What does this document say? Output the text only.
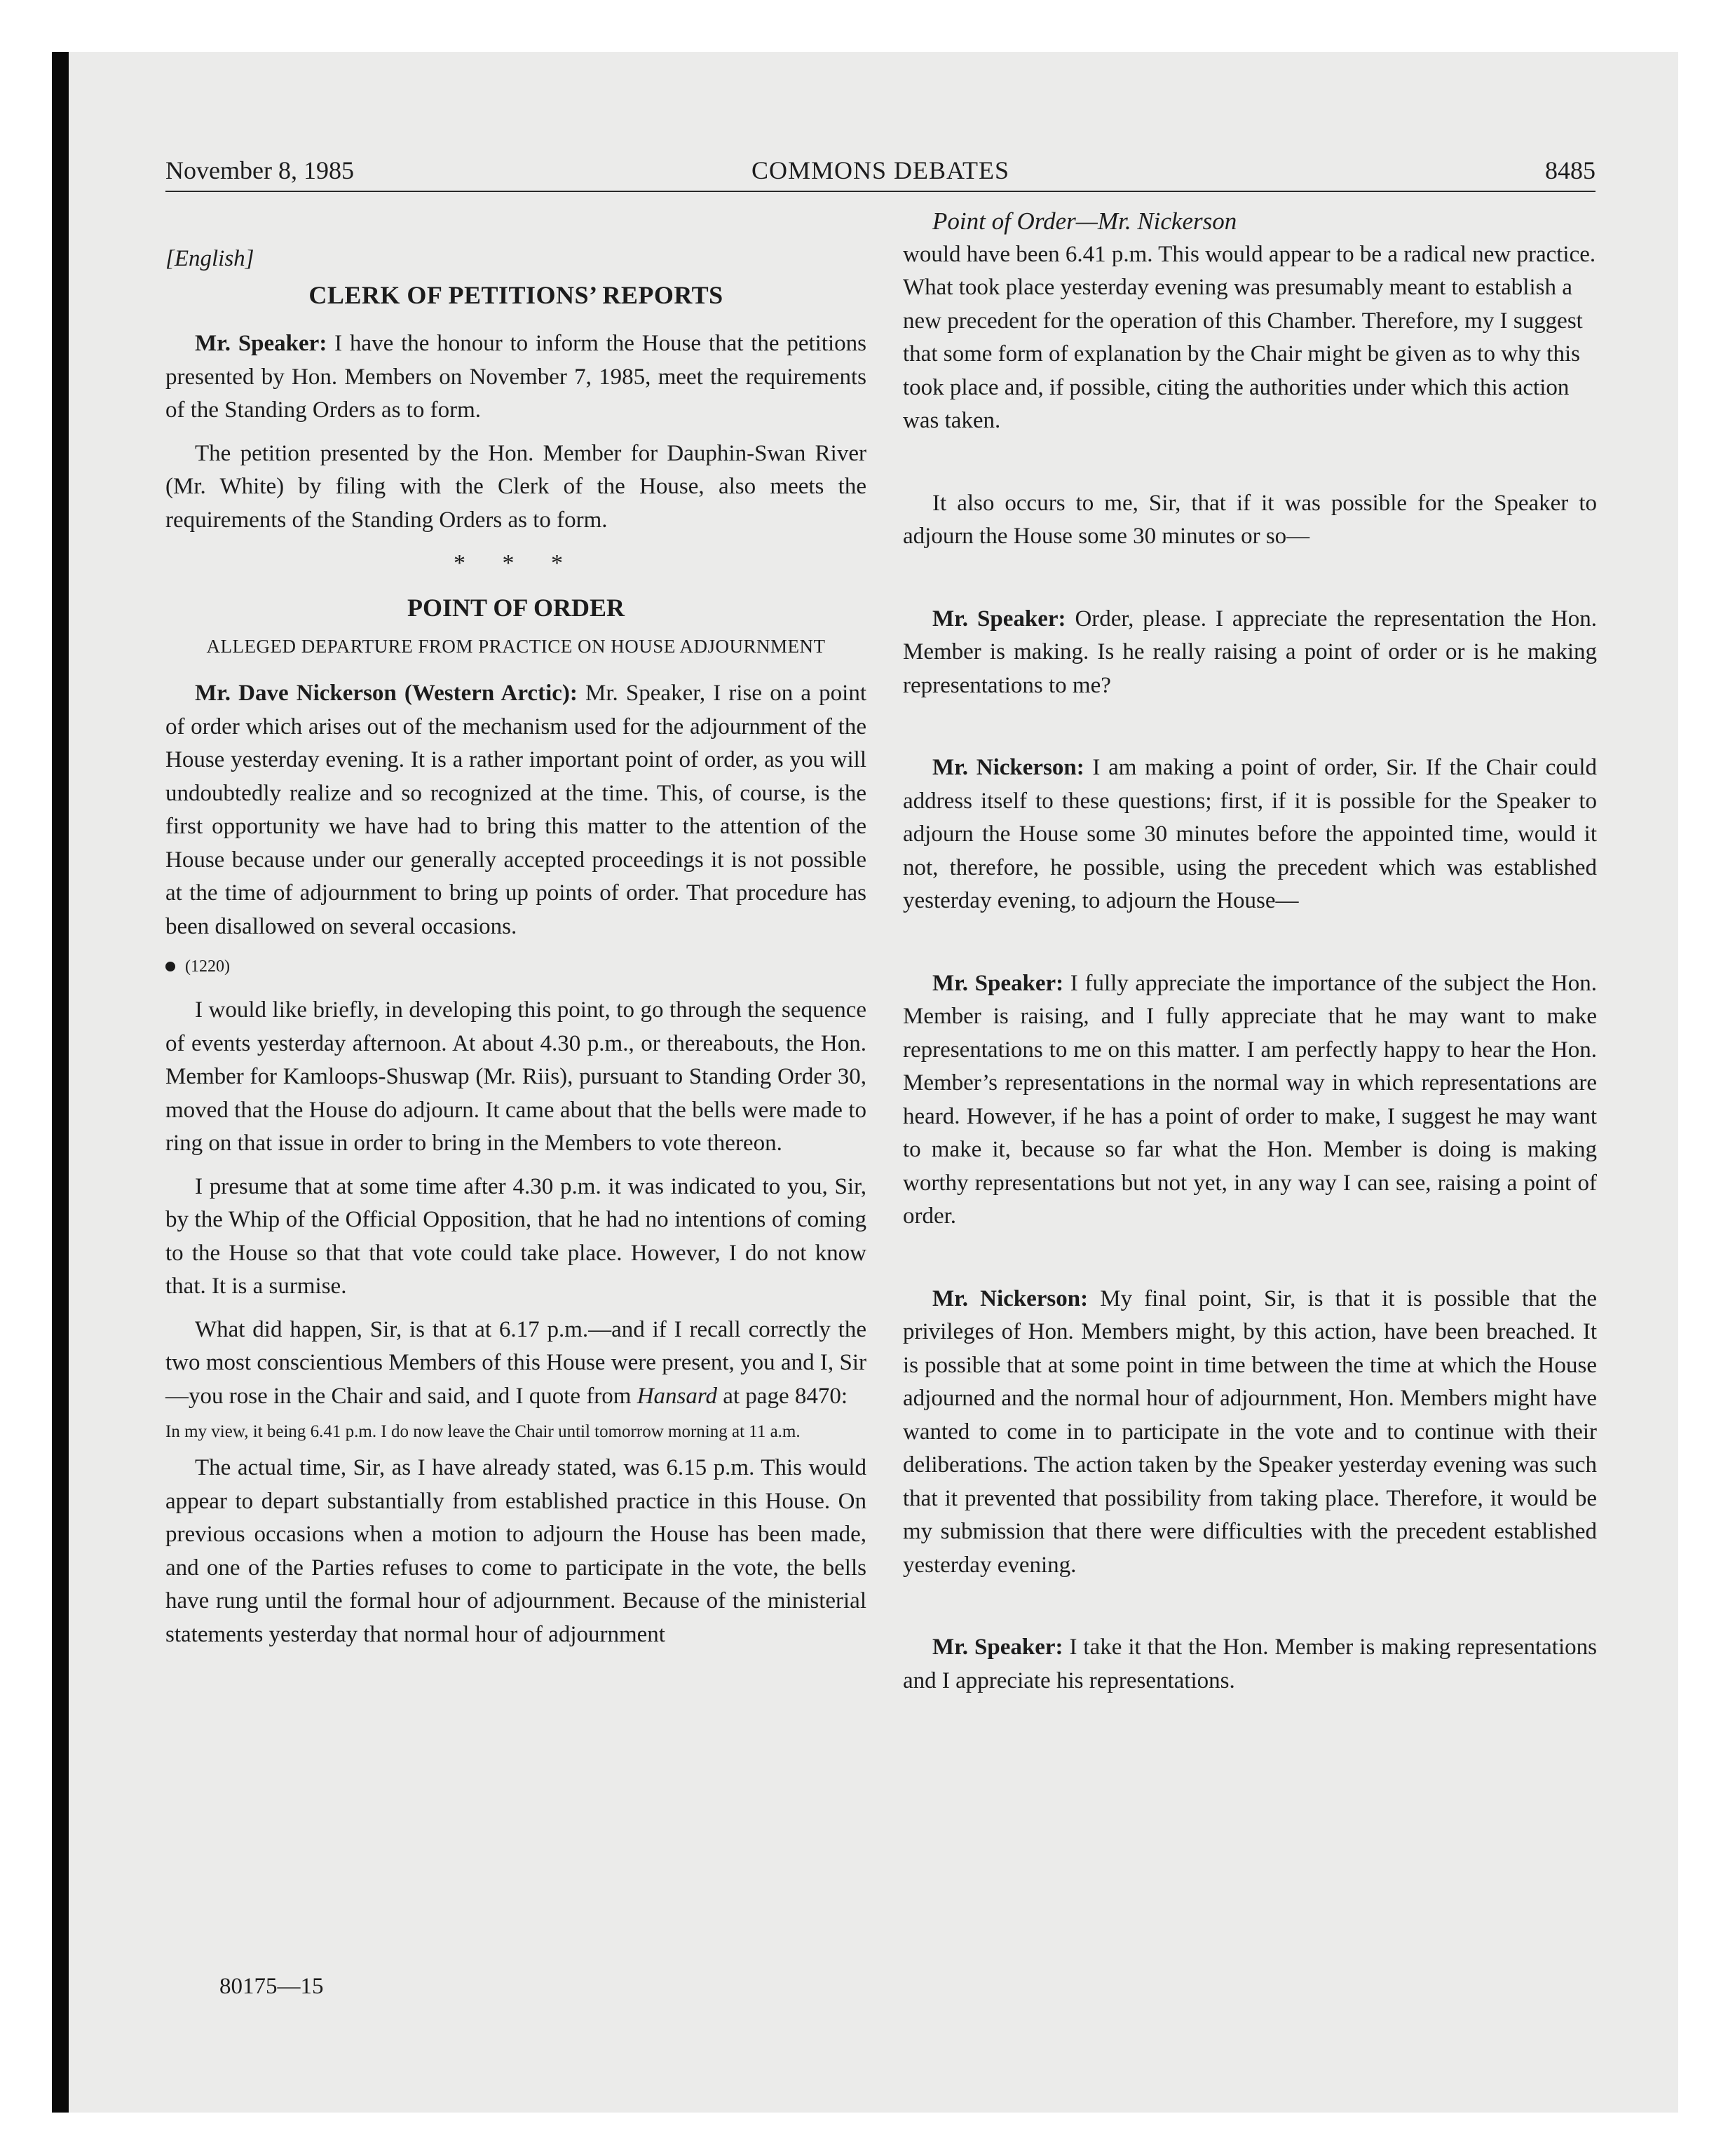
November 8, 1985	COMMONS DEBATES	8485

[English]

CLERK OF PETITIONS’ REPORTS

Mr. Speaker: I have the honour to inform the House that the petitions presented by Hon. Members on November 7, 1985, meet the requirements of the Standing Orders as to form.

The petition presented by the Hon. Member for Dauphin-Swan River (Mr. White) by filing with the Clerk of the House, also meets the requirements of the Standing Orders as to form.

* * *
POINT OF ORDER
ALLEGED DEPARTURE FROM PRACTICE ON HOUSE ADJOURNMENT

Mr. Dave Nickerson (Western Arctic): Mr. Speaker, I rise on a point of order which arises out of the mechanism used for the adjournment of the House yesterday evening. It is a rather important point of order, as you will undoubtedly realize and so recognized at the time. This, of course, is the first opportunity we have had to bring this matter to the attention of the House because under our generally accepted proceedings it is not possible at the time of adjournment to bring up points of order. That procedure has been disallowed on several occasions.

(1220)

I would like briefly, in developing this point, to go through the sequence of events yesterday afternoon. At about 4.30 p.m., or thereabouts, the Hon. Member for Kamloops-Shuswap (Mr. Riis), pursuant to Standing Order 30, moved that the House do adjourn. It came about that the bells were made to ring on that issue in order to bring in the Members to vote thereon.

I presume that at some time after 4.30 p.m. it was indicated to you, Sir, by the Whip of the Official Opposition, that he had no intentions of coming to the House so that that vote could take place. However, I do not know that. It is a surmise.

What did happen, Sir, is that at 6.17 p.m.—and if I recall correctly the two most conscientious Members of this House were present, you and I, Sir—you rose in the Chair and said, and I quote from Hansard at page 8470:

In my view, it being 6.41 p.m. I do now leave the Chair until tomorrow morning at 11 a.m.

The actual time, Sir, as I have already stated, was 6.15 p.m. This would appear to depart substantially from established practice in this House. On previous occasions when a motion to adjourn the House has been made, and one of the Parties refuses to come to participate in the vote, the bells have rung until the formal hour of adjournment. Because of the ministerial statements yesterday that normal hour of adjournment

Point of Order—Mr. Nickerson

would have been 6.41 p.m. This would appear to be a radical new practice. What took place yesterday evening was presumably meant to establish a new precedent for the operation of this Chamber. Therefore, my I suggest that some form of explanation by the Chair might be given as to why this took place and, if possible, citing the authorities under which this action was taken.

It also occurs to me, Sir, that if it was possible for the Speaker to adjourn the House some 30 minutes or so—

Mr. Speaker: Order, please. I appreciate the representation the Hon. Member is making. Is he really raising a point of order or is he making representations to me?

Mr. Nickerson: I am making a point of order, Sir. If the Chair could address itself to these questions; first, if it is possible for the Speaker to adjourn the House some 30 minutes before the appointed time, would it not, therefore, he possible, using the precedent which was established yesterday evening, to adjourn the House—

Mr. Speaker: I fully appreciate the importance of the subject the Hon. Member is raising, and I fully appreciate that he may want to make representations to me on this matter. I am perfectly happy to hear the Hon. Member’s representations in the normal way in which representations are heard. However, if he has a point of order to make, I suggest he may want to make it, because so far what the Hon. Member is doing is making worthy representations but not yet, in any way I can see, raising a point of order.

Mr. Nickerson: My final point, Sir, is that it is possible that the privileges of Hon. Members might, by this action, have been breached. It is possible that at some point in time between the time at which the House adjourned and the normal hour of adjournment, Hon. Members might have wanted to come in to participate in the vote and to continue with their deliberations. The action taken by the Speaker yesterday evening was such that it prevented that possibility from taking place. Therefore, it would be my submission that there were difficulties with the precedent established yesterday evening.

Mr. Speaker: I take it that the Hon. Member is making representations and I appreciate his representations.

80175—15
